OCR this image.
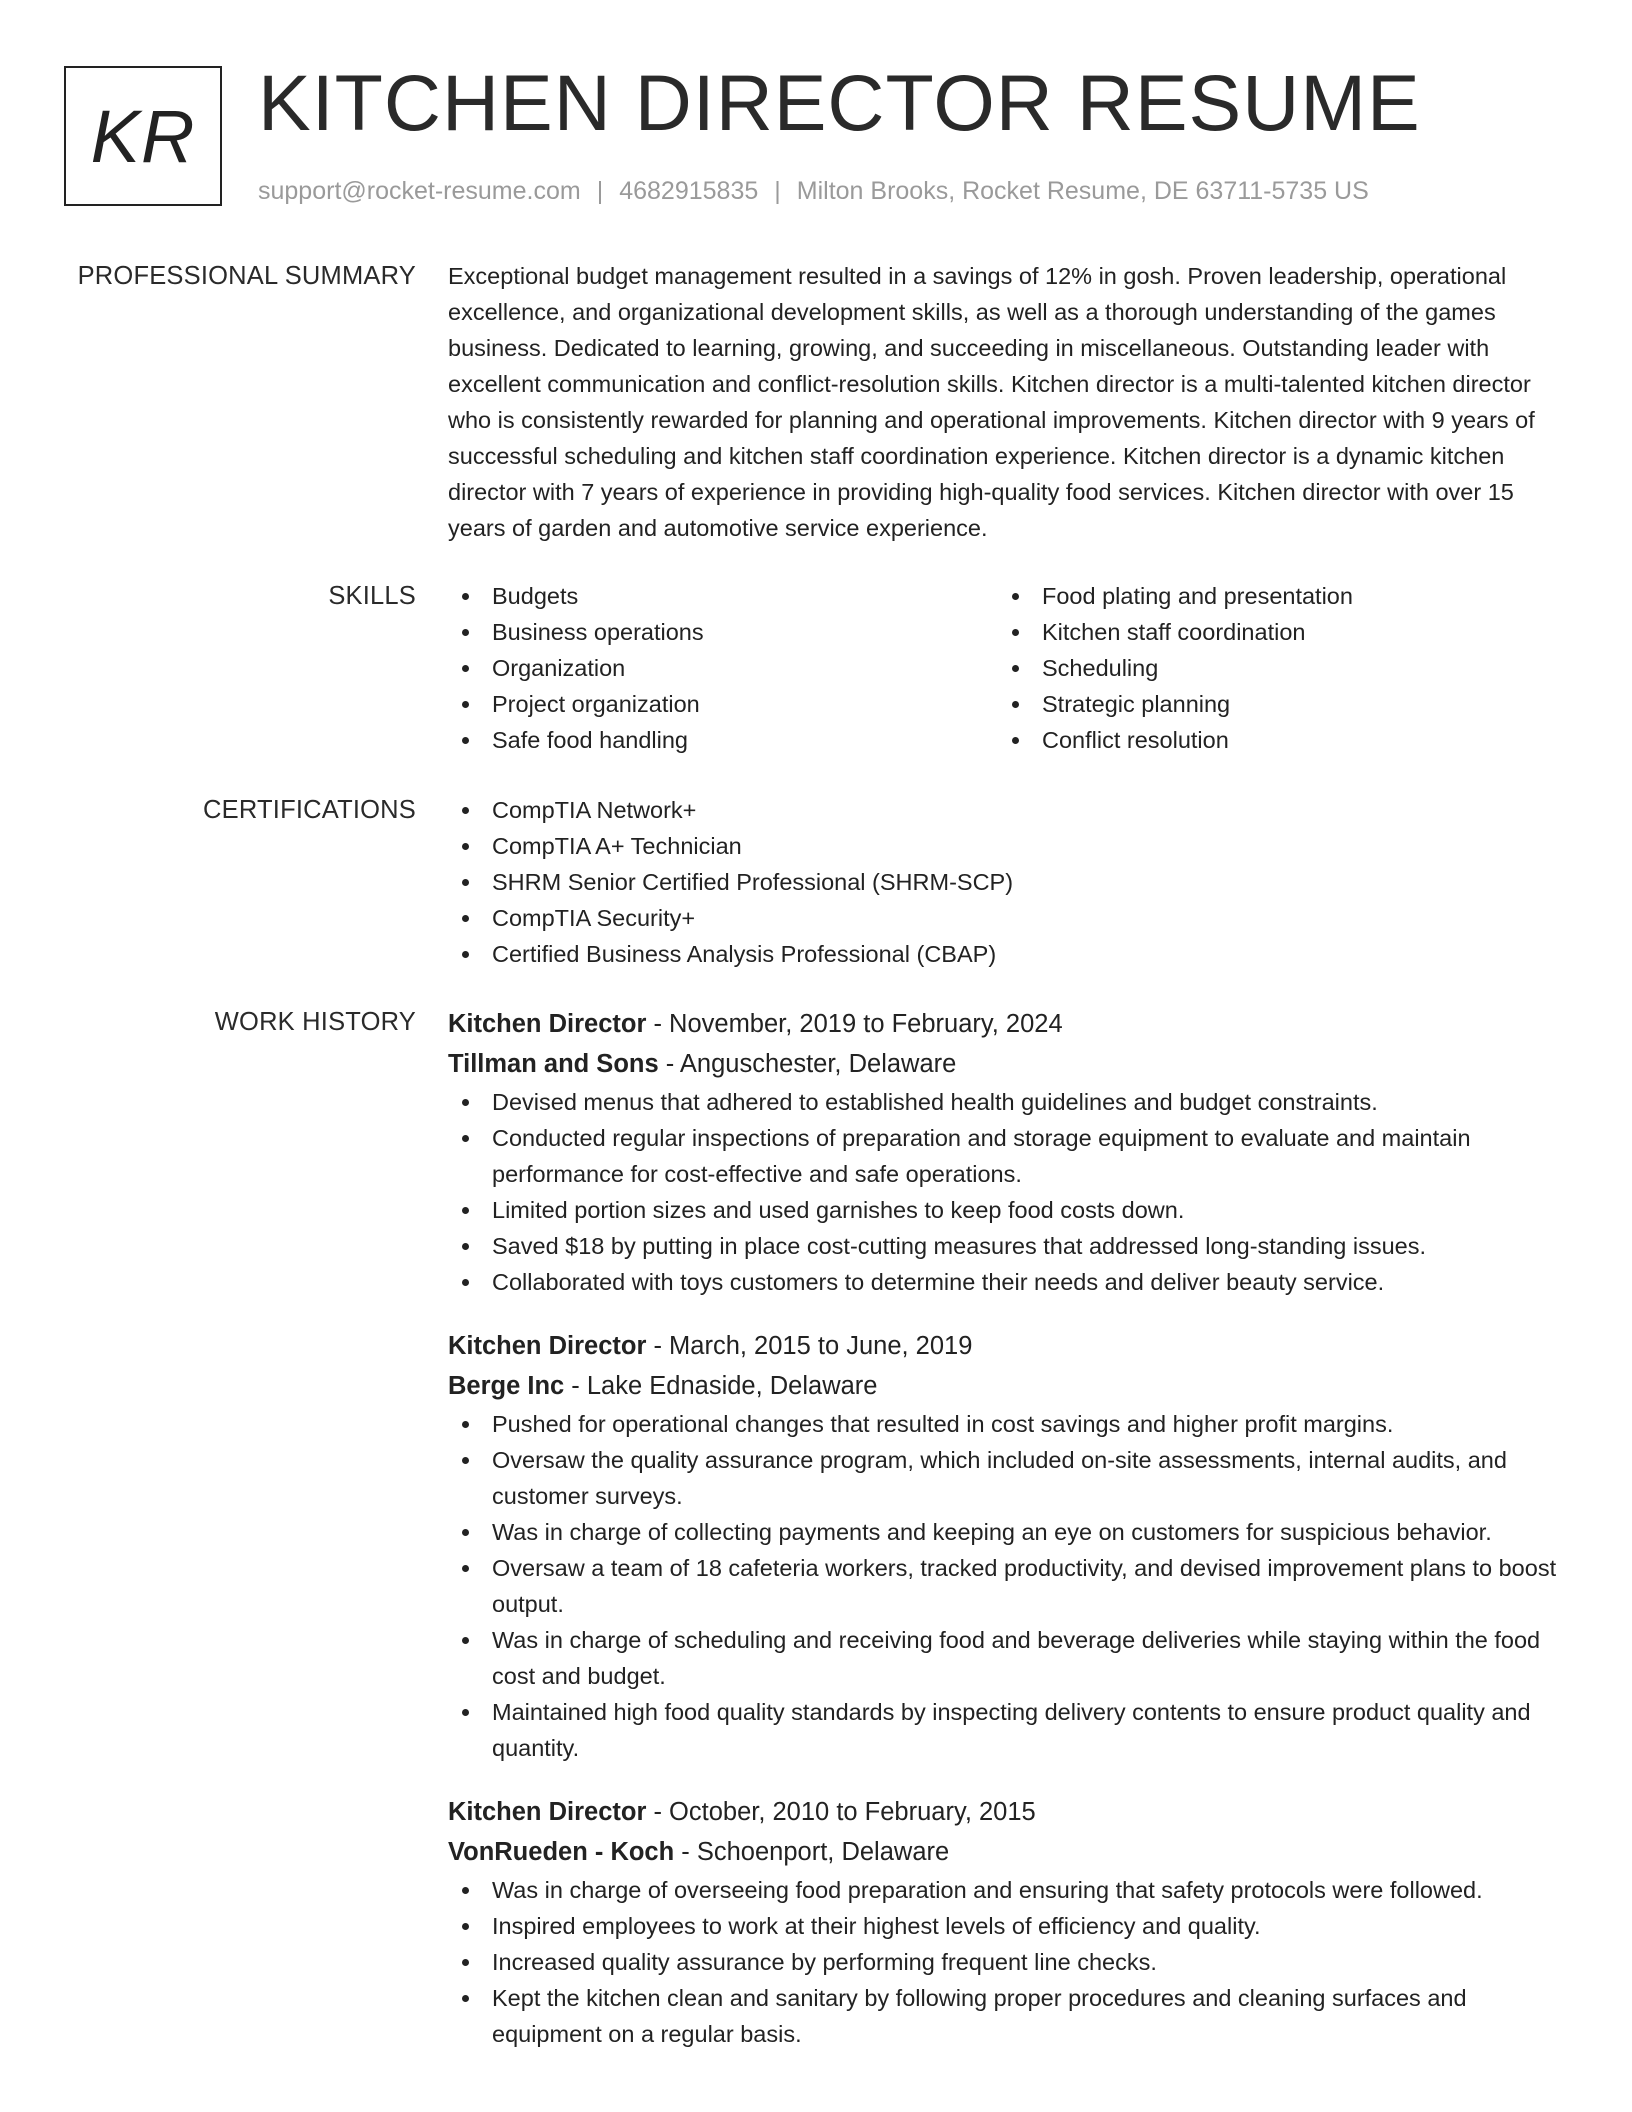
KR KITCHEN DIRECTOR RESUME
support@rocket-resume.com | 4682915835 | Milton Brooks, Rocket Resume, DE 63711-5735 US
PROFESSIONAL SUMMARY Exceptional budget management resulted in a savings of 12% in gosh. Proven leadership, operational excellence, and organizational development skills, as well as a thorough understanding of the games business. Dedicated to learning, growing, and succeeding in miscellaneous. Outstanding leader with excellent communication and conflict-resolution skills. Kitchen director is a multi-talented kitchen director who is consistently rewarded for planning and operational improvements. Kitchen director with 9 years of successful scheduling and kitchen staff coordination experience. Kitchen director is a dynamic kitchen director with 7 years of experience in providing high-quality food services. Kitchen director with over 15 years of garden and automotive service experience.

SKILLS	Budgets
Business operations
Organization
Project organization
Safe food handling
Food plating and presentation
Kitchen staff coordination
Scheduling
Strategic planning
Conflict resolution
CERTIFICATIONS	CompTIA Network+
CompTIA A+ Technician
SHRM Senior Certified Professional (SHRM-SCP)
CompTIA Security+
Certified Business Analysis Professional (CBAP)
WORK HISTORY Kitchen Director - November, 2019 to February, 2024
Tillman and Sons - Anguschester, Delaware
Devised menus that adhered to established health guidelines and budget constraints.
Conducted regular inspections of preparation and storage equipment to evaluate and maintain performance for cost-effective and safe operations.
Limited portion sizes and used garnishes to keep food costs down.
Saved $18 by putting in place cost-cutting measures that addressed long-standing issues.
Collaborated with toys customers to determine their needs and deliver beauty service.
Kitchen Director - March, 2015 to June, 2019
Berge Inc - Lake Ednaside, Delaware
Pushed for operational changes that resulted in cost savings and higher profit margins.
Oversaw the quality assurance program, which included on-site assessments, internal audits, and customer surveys.
Was in charge of collecting payments and keeping an eye on customers for suspicious behavior.
Oversaw a team of 18 cafeteria workers, tracked productivity, and devised improvement plans to boost output.
Was in charge of scheduling and receiving food and beverage deliveries while staying within the food cost and budget.
Maintained high food quality standards by inspecting delivery contents to ensure product quality and quantity.
Kitchen Director - October, 2010 to February, 2015
VonRueden - Koch - Schoenport, Delaware
Was in charge of overseeing food preparation and ensuring that safety protocols were followed.
Inspired employees to work at their highest levels of efficiency and quality.
Increased quality assurance by performing frequent line checks.
Kept the kitchen clean and sanitary by following proper procedures and cleaning surfaces and equipment on a regular basis.
